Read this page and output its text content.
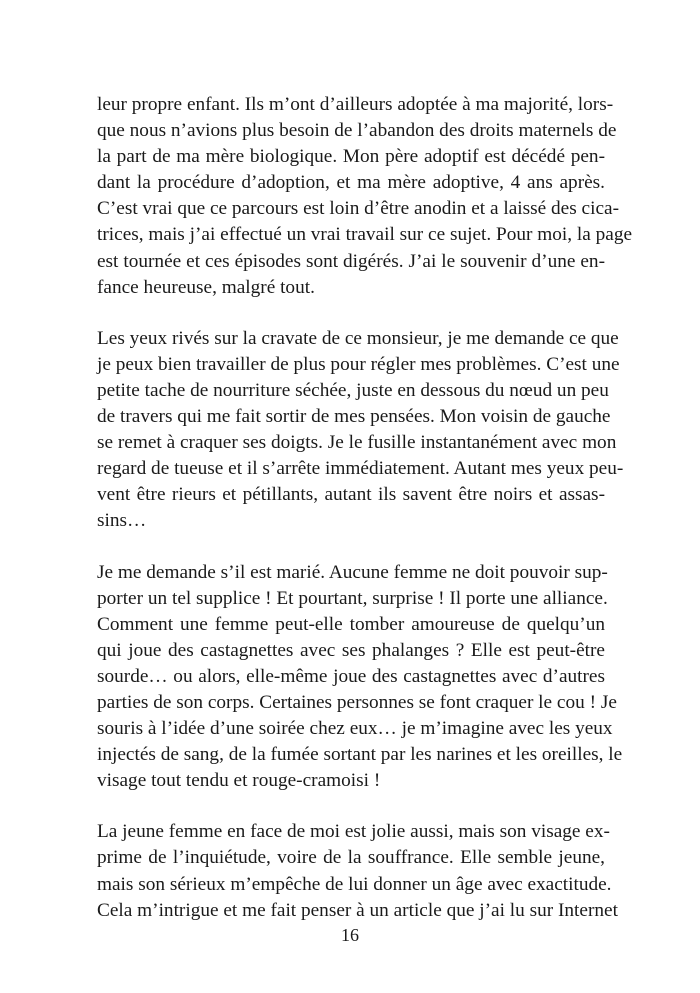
leur propre enfant. Ils m’ont d’ailleurs adoptée à ma majorité, lors-
que nous n’avions plus besoin de l’abandon des droits maternels de
la part de ma mère biologique. Mon père adoptif est décédé pen-
dant la procédure d’adoption, et ma mère adoptive, 4 ans après.
C’est vrai que ce parcours est loin d’être anodin et a laissé des cica-
trices, mais j’ai effectué un vrai travail sur ce sujet. Pour moi, la page
est tournée et ces épisodes sont digérés. J’ai le souvenir d’une en-
fance heureuse, malgré tout.

Les yeux rivés sur la cravate de ce monsieur, je me demande ce que
je peux bien travailler de plus pour régler mes problèmes. C’est une
petite tache de nourriture séchée, juste en dessous du nœud un peu
de travers qui me fait sortir de mes pensées. Mon voisin de gauche
se remet à craquer ses doigts. Je le fusille instantanément avec mon
regard de tueuse et il s’arrête immédiatement. Autant mes yeux peu-
vent être rieurs et pétillants, autant ils savent être noirs et assas-
sins…

Je me demande s’il est marié. Aucune femme ne doit pouvoir sup-
porter un tel supplice ! Et pourtant, surprise ! Il porte une alliance.
Comment une femme peut-elle tomber amoureuse de quelqu’un
qui joue des castagnettes avec ses phalanges ? Elle est peut-être
sourde… ou alors, elle-même joue des castagnettes avec d’autres
parties de son corps. Certaines personnes se font craquer le cou ! Je
souris à l’idée d’une soirée chez eux… je m’imagine avec les yeux
injectés de sang, de la fumée sortant par les narines et les oreilles, le
visage tout tendu et rouge-cramoisi !

La jeune femme en face de moi est jolie aussi, mais son visage ex-
prime de l’inquiétude, voire de la souffrance. Elle semble jeune,
mais son sérieux m’empêche de lui donner un âge avec exactitude.
Cela m’intrigue et me fait penser à un article que j’ai lu sur Internet

16
